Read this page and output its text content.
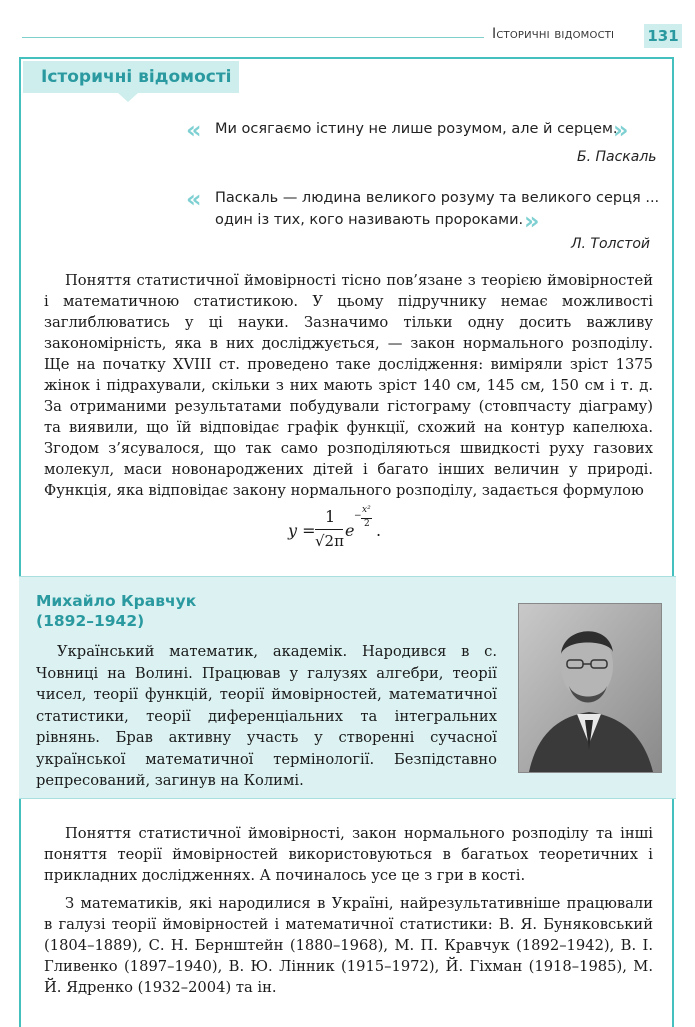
Історичні відомості 131
Історичні відомості
« Ми осягаємо істину не лише розумом, але й серцем.
»
Б. Паскаль
« Паскаль — людина великого розуму та великого серця ...
один із тих, кого називають пророками. »
Л. Толстой
Поняття статистичної ймовірності тісно пов’язане з теорією ймовірностей і математичною статистикою. У цьому підручнику немає можливості заглиблюватись у ці науки. Зазначимо тільки одну досить важливу закономірність, яка в них досліджується, — закон нормального розподілу. Ще на початку XVIII ст. проведено таке дослідження: виміряли зріст 1375 жінок і підрахували, скільки з них мають зріст 140 см, 145 см, 150 см і т. д. За отриманими результатами побудували гістограму (стовпчасту діаграму) та виявили, що їй відповідає графік функції, схожий на контур капелюха. Згодом з’ясувалося, що так само розподіляються швидкості руху газових молекул, маси новонароджених дітей і багато інших величин у природі. Функція, яка відповідає закону нормального розподілу, задається формулою
y =
1
√2π
e
−
x²
2 .
Михайло Кравчук
(1892–1942)
Український математик, академік. Народився в с. Човниці на Волині. Працював у галузях алгебри, теорії чисел, теорії функцій, теорії ймовірностей, математичної статистики, теорії диференціальних та інтегральних рівнянь. Брав активну участь у створенні сучасної української математичної термінології. Безпідставно репресований, загинув на Колимі.
Поняття статистичної ймовірності, закон нормального розподілу та інші поняття теорії ймовірностей використовуються в багатьох теоретичних і прикладних дослідженнях. А починалось усе це з гри в кості.
З математиків, які народилися в Україні, найрезультативніше працювали в галузі теорії ймовірностей і математичної статистики: В. Я. Буняковський (1804–1889), С. Н. Бернштейн (1880–1968), М. П. Кравчук (1892–1942), В. І. Гливенко (1897–1940), В. Ю. Лінник (1915–1972), Й. Гіхман (1918–1985), М. Й. Ядренко (1932–2004) та ін.
